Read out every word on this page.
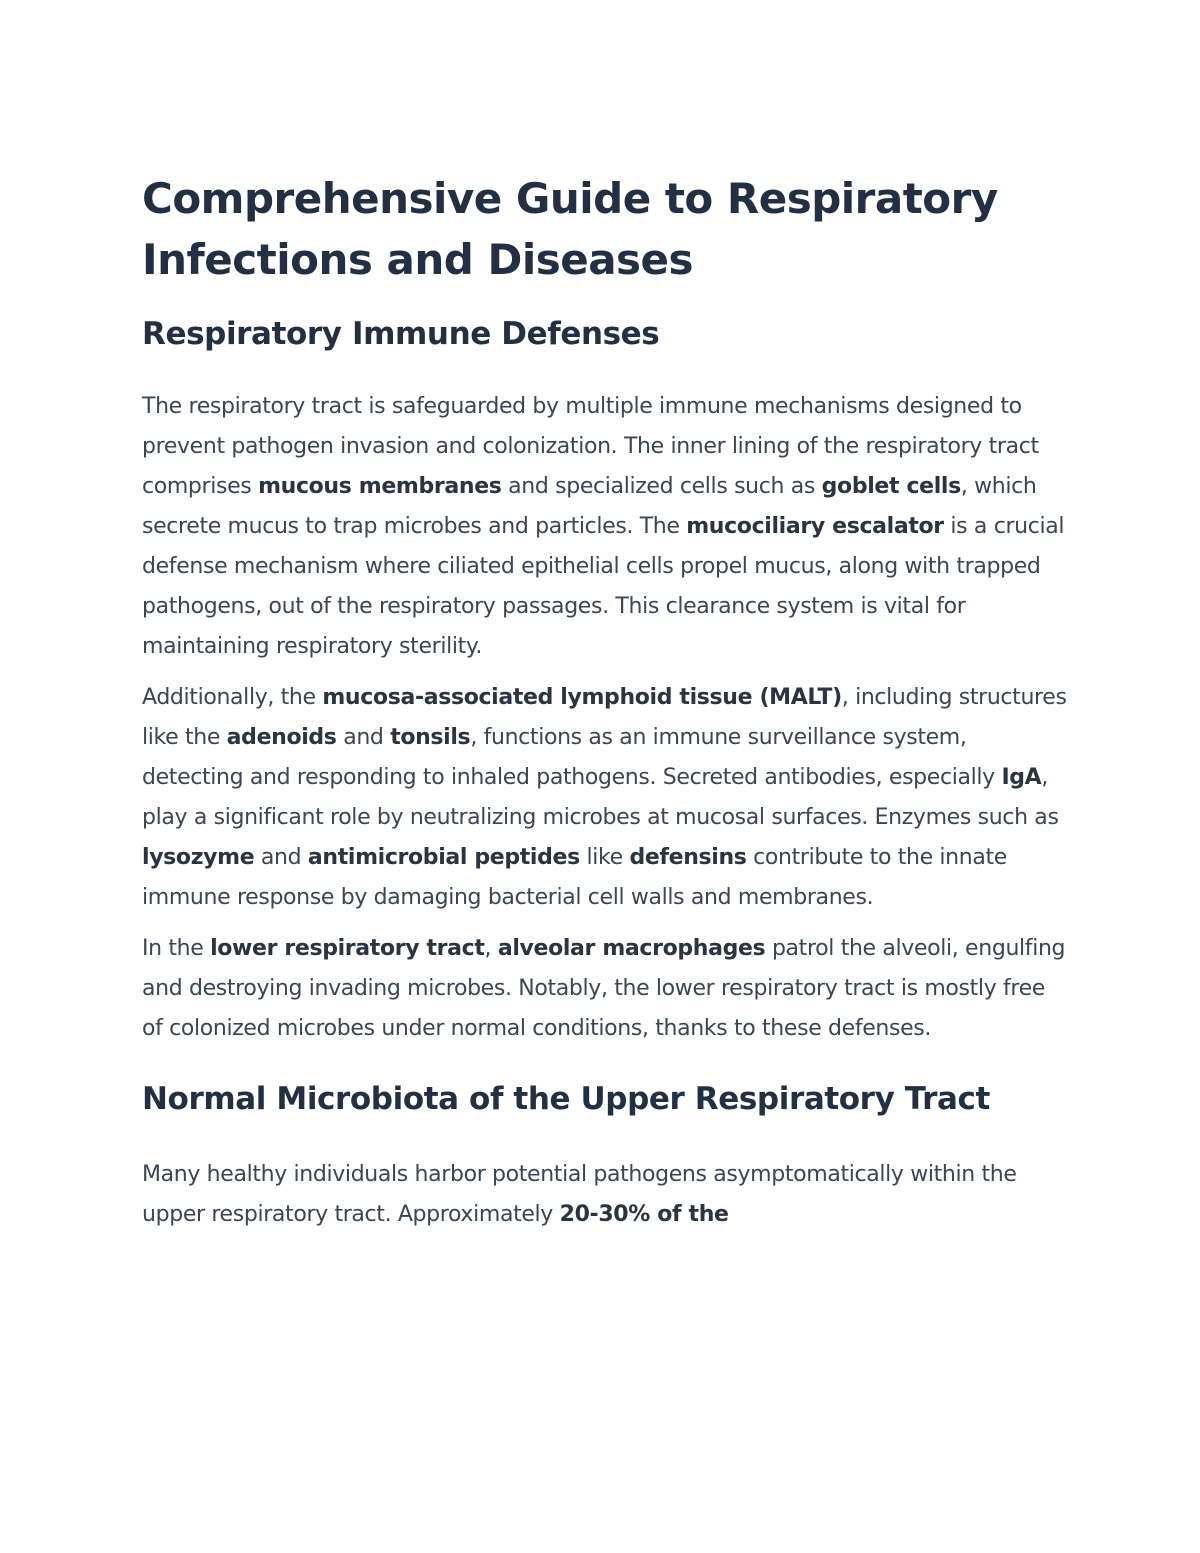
Comprehensive Guide to Respiratory Infections and Diseases
Respiratory Immune Defenses

The respiratory tract is safeguarded by multiple immune mechanisms designed to prevent pathogen invasion and colonization. The inner lining of the respiratory tract comprises mucous membranes and specialized cells such as goblet cells, which secrete mucus to trap microbes and particles. The mucociliary escalator is a crucial defense mechanism where ciliated epithelial cells propel mucus, along with trapped pathogens, out of the respiratory passages. This clearance system is vital for maintaining respiratory sterility.

Additionally, the mucosa-associated lymphoid tissue (MALT), including structures like the adenoids and tonsils, functions as an immune surveillance system, detecting and responding to inhaled pathogens. Secreted antibodies, especially IgA, play a significant role by neutralizing microbes at mucosal surfaces. Enzymes such as lysozyme and antimicrobial peptides like defensins contribute to the innate immune response by damaging bacterial cell walls and membranes.

In the lower respiratory tract, alveolar macrophages patrol the alveoli, engulfing and destroying invading microbes. Notably, the lower respiratory tract is mostly free of colonized microbes under normal conditions, thanks to these defenses.

Normal Microbiota of the Upper Respiratory Tract

Many healthy individuals harbor potential pathogens asymptomatically within the upper respiratory tract. Approximately 20-30% of the
